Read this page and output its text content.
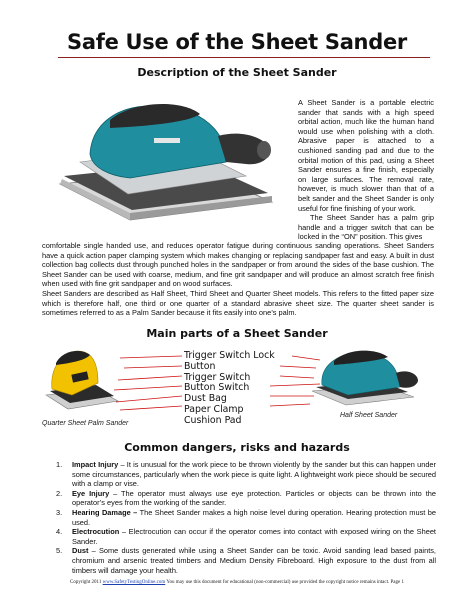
Safe Use of the Sheet Sander
Description of the Sheet Sander

A Sheet Sander is a portable electric sander that sands with a high speed orbital action, much like the human hand would use when polishing with a cloth. Abrasive paper is attached to a cushioned sanding pad and due to the orbital motion of this pad, using a Sheet Sander ensures a fine finish, especially on large surfaces. The removal rate, however, is much slower than that of a belt sander and the Sheet Sander is only useful for fine finishing of your work.

The Sheet Sander has a palm grip handle and a trigger switch that can be locked in the “ON” position. This gives

comfortable single handed use, and reduces operator fatigue during continuous sanding operations. Sheet Sanders have a quick action paper clamping system which makes changing or replacing sandpaper fast and easy. A built in dust collection bag collects dust through punched holes in the sandpaper or from around the sides of the base cushion. The Sheet Sander can be used with coarse, medium, and fine grit sandpaper and will produce an almost scratch free finish when used with fine grit sandpaper and on wood surfaces.

Sheet Sanders are described as Half Sheet, Third Sheet and Quarter Sheet models. This refers to the fitted paper size which is therefore half, one third or one quarter of a standard abrasive sheet size. The quarter sheet sander is sometimes referred to as a Palm Sander because it fits easily into one’s palm.

Main parts of a Sheet Sander
Trigger Switch Lock Button
Trigger Switch
Button Switch
Dust Bag
Paper Clamp
Cushion Pad
Quarter Sheet Palm Sander
Half Sheet Sander
Common dangers, risks and hazards
1. Impact Injury – It is unusual for the work piece to be thrown violently by the sander but this can happen under some circumstances, particularly when the work piece is quite light. A lightweight work piece should be secured with a clamp or vise.
2. Eye Injury – The operator must always use eye protection. Particles or objects can be thrown into the operator’s eyes from the working of the sander.
3. Hearing Damage – The Sheet Sander makes a high noise level during operation. Hearing protection must be used.
4. Electrocution – Electrocution can occur if the operator comes into contact with exposed wiring on the Sheet Sander.
5. Dust – Some dusts generated while using a Sheet Sander can be toxic. Avoid sanding lead based paints, chromium and arsenic treated timbers and Medium Density Fibreboard. High exposure to the dust from all timbers will damage your health.
Copyright 2011 www.SafetyTestingOnline.com You may use this document for educational (non-commercial) use provided the copyright notice remains intact. Page 1
